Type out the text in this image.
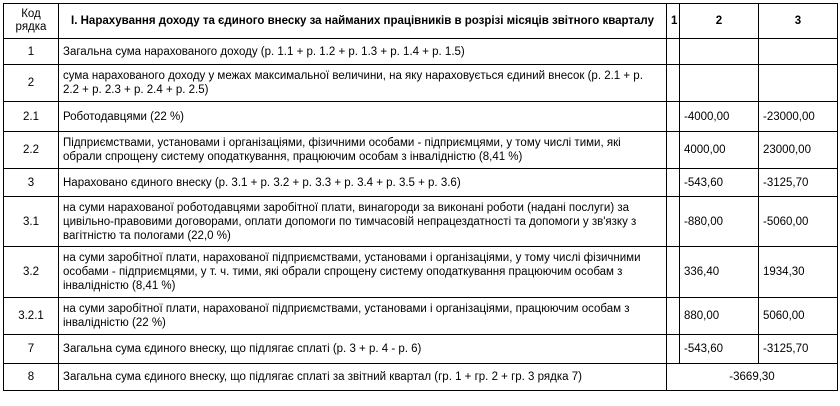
Код рядка	I. Нарахування доходу та єдиного внеску за найманих працівників в розрізі місяців звітного кварталу	1	2	3
1	Загальна сума нарахованого доходу (р. 1.1 + р. 1.2 + р. 1.3 + р. 1.4 + р. 1.5)			
2	сума нарахованого доходу у межах максимальної величини, на яку нараховується єдиний внесок (р. 2.1 + р. 2.2 + р. 2.3 + р. 2.4 + р. 2.5)			
2.1	Роботодавцями (22 %)		-4000,00	-23000,00
2.2	Підприємствами, установами і організаціями, фізичними особами - підприємцями, у тому числі тими, які обрали спрощену систему оподаткування, працюючим особам з інвалідністю (8,41 %)		4000,00	23000,00
3	Нараховано єдиного внеску (р. 3.1 + р. 3.2 + р. 3.3 + р. 3.4 + р. 3.5 + р. 3.6)		-543,60	-3125,70
3.1	на суми нарахованої роботодавцями заробітної плати, винагороди за виконані роботи (надані послуги) за цивільно-правовими договорами, оплати допомоги по тимчасовій непрацездатності та допомоги у зв'язку з вагітністю та пологами (22,0 %)		-880,00	-5060,00
3.2	на суми заробітної плати, нарахованої підприємствами, установами і організаціями, у тому числі фізичними особами - підприємцями, у т. ч. тими, які обрали спрощену систему оподаткування працюючим особам з інвалідністю (8,41 %)		336,40	1934,30
3.2.1	на суми заробітної плати, нарахованої підприємствами, установами і організаціями, працюючим особам з інвалідністю (22 %)		880,00	5060,00
7	Загальна сума єдиного внеску, що підлягає сплаті (р. 3 + р. 4 - р. 6)		-543,60	-3125,70
8	Загальна сума єдиного внеску, що підлягає сплаті за звітний квартал (гр. 1 + гр. 2 + гр. 3 рядка 7)	-3669,30		
